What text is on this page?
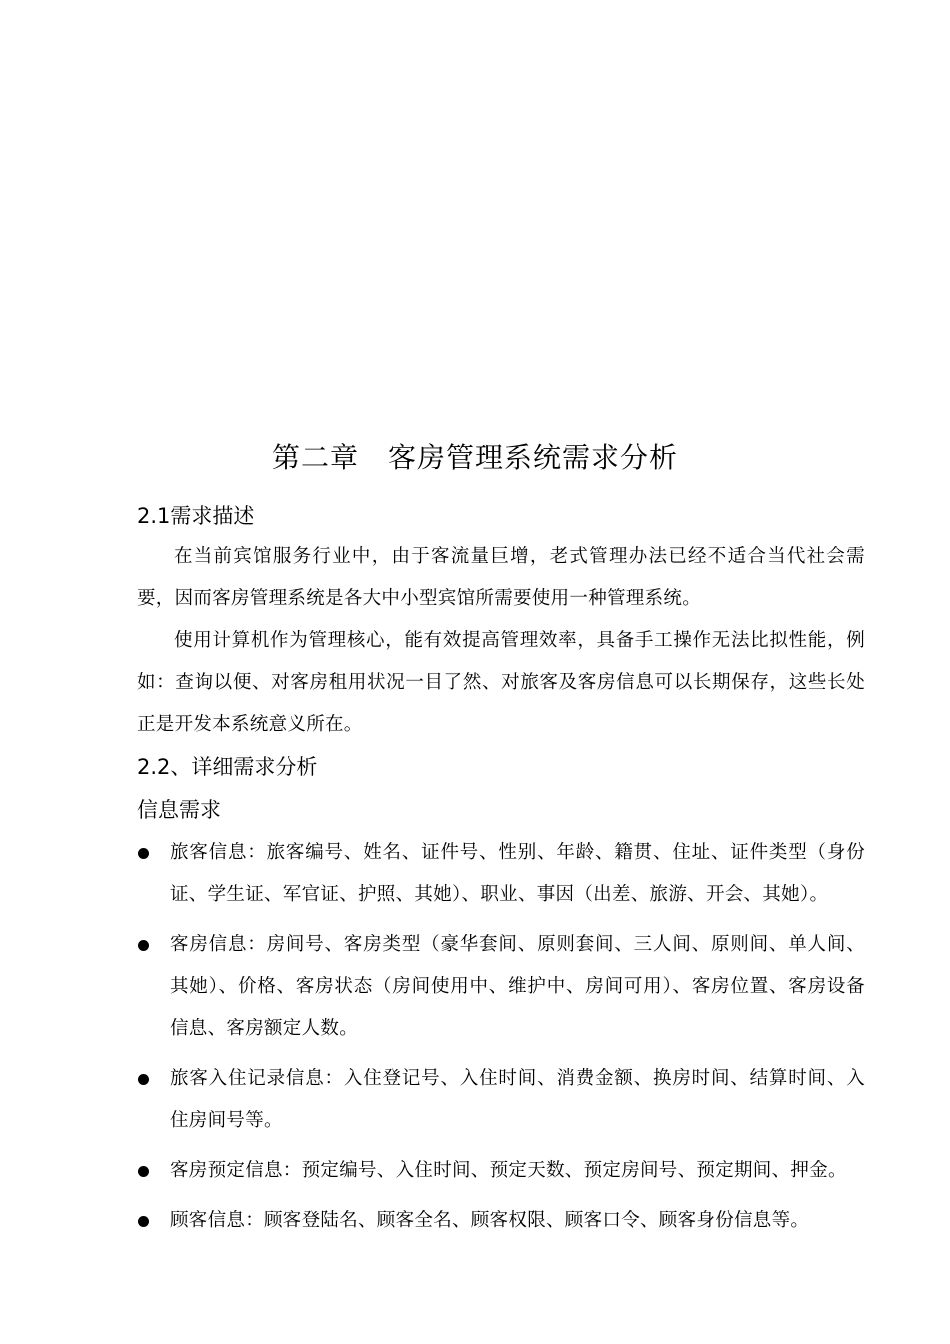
第二章　客房管理系统需求分析
2.1需求描述

在当前宾馆服务行业中，由于客流量巨增，老式管理办法已经不适合当代社会需要，因而客房管理系统是各大中小型宾馆所需要使用一种管理系统。

使用计算机作为管理核心，能有效提高管理效率，具备手工操作无法比拟性能，例如：查询以便、对客房租用状况一目了然、对旅客及客房信息可以长期保存，这些长处正是开发本系统意义所在。

2.2、详细需求分析
信息需求
旅客信息：旅客编号、姓名、证件号、性别、年龄、籍贯、住址、证件类型（身份证、学生证、军官证、护照、其她）、职业、事因（出差、旅游、开会、其她）。
客房信息：房间号、客房类型（豪华套间、原则套间、三人间、原则间、单人间、其她）、价格、客房状态（房间使用中、维护中、房间可用）、客房位置、客房设备信息、客房额定人数。
旅客入住记录信息：入住登记号、入住时间、消费金额、换房时间、结算时间、入住房间号等。
客房预定信息：预定编号、入住时间、预定天数、预定房间号、预定期间、押金。
顾客信息：顾客登陆名、顾客全名、顾客权限、顾客口令、顾客身份信息等。
